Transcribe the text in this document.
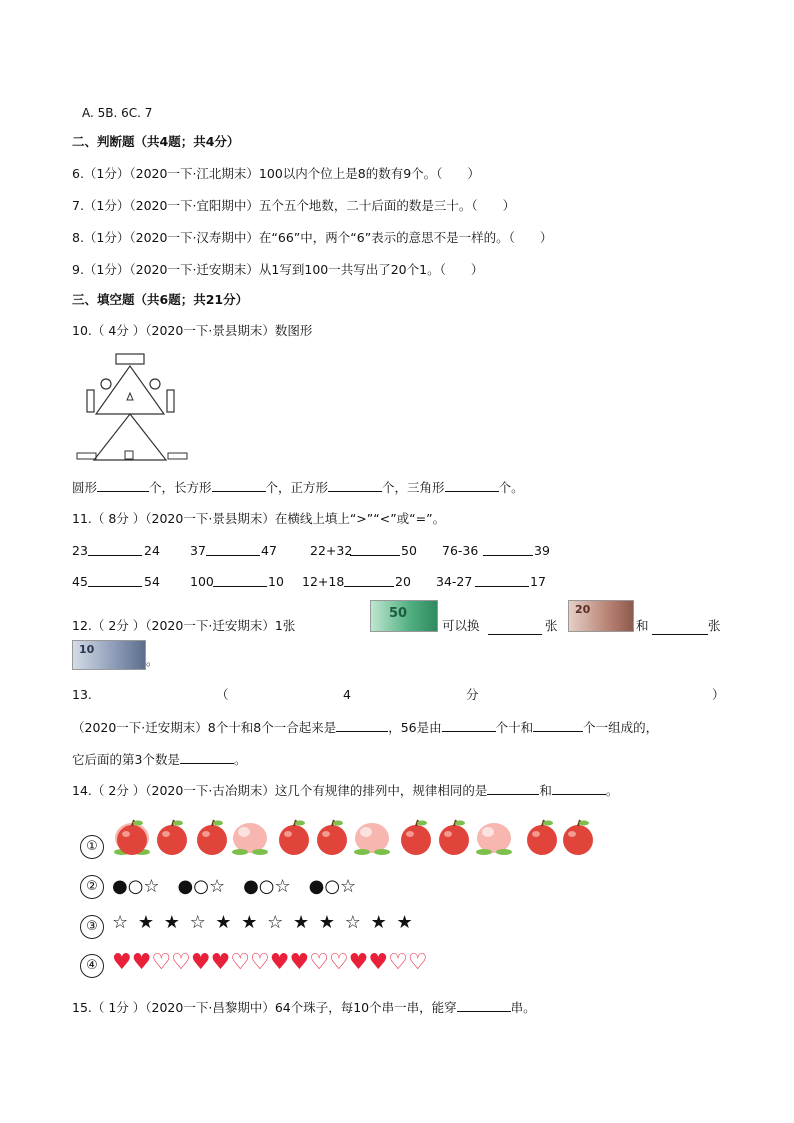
A. 5B. 6C. 7
二、判断题（共4题；共4分）
6.（1分）（2020一下·江北期末）100以内个位上是8的数有9个。（　　）
7.（1分）（2020一下·宜阳期中）五个五个地数，二十后面的数是三十。（　　）
8.（1分）（2020一下·汉寿期中）在“66”中，两个“6”表示的意思不是一样的。（　　）
9.（1分）（2020一下·迁安期末）从1写到100一共写出了20个1。（　　）
三、填空题（共6题；共21分）
10.（ 4分 ）（2020一下·景县期末）数图形
圆形	个，长方形	个，正方形	个，三角形	个。
11.（ 8分 ）（2020一下·景县期末）在横线上填上“>”“<”或“=”。
23	24 37	47	22+32	50 76-36	39
45	54 100	10 12+18	20 34-27	17
12.（ 2分 ）（2020一下·迁安期末）1张
50
可以换	张
20
和	张
10
。
13.	（	4	分	）
（2020一下·迁安期末）8个十和8个一合起来是	，56是由	个十和	个一组成的，
它后面的第3个数是	。
14.（ 2分 ）（2020一下·古冶期末）这几个有规律的排列中，规律相同的是	和	。
①
② ●○☆　●○☆　●○☆　●○☆
③ ☆ ★ ★ ☆ ★ ★ ☆ ★ ★ ☆ ★ ★
④ ♥♥♡♡♥♥♡♡♥♥♡♡♥♥♡♡
15.（ 1分 ）（2020一下·昌黎期中）64个珠子，每10个串一串，能穿	串。
